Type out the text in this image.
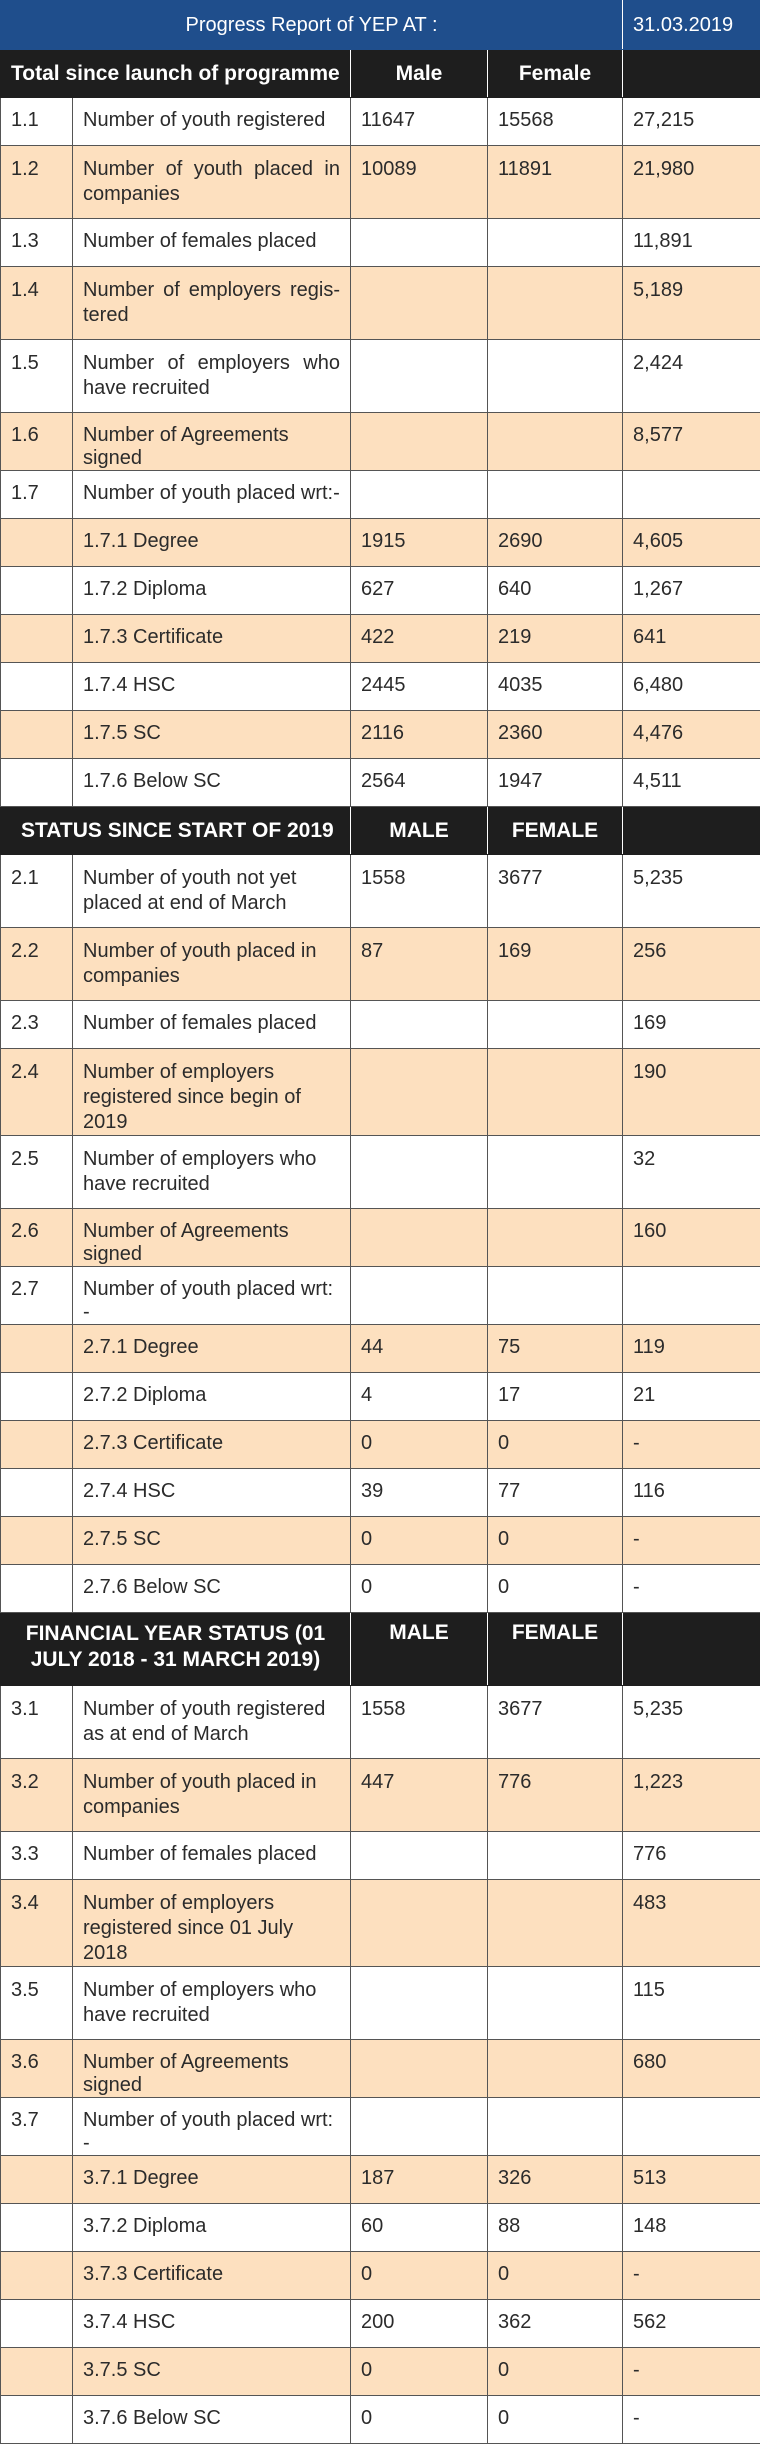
Progress Report of YEP AT :				31.03.2019
Total since launch of programme		Male	Female	
1.1	Number of youth registered	11647	15568	27,215
1.2	Number of youth placed in companies	10089	11891	21,980
1.3	Number of females placed			11,891
1.4	Number of employers regis-tered			5,189
1.5	Number of employers who have recruited			2,424
1.6	Number of Agreements signed			8,577
1.7	Number of youth placed wrt:-			
	1.7.1 Degree	1915	2690	4,605
	1.7.2 Diploma	627	640	1,267
	1.7.3 Certificate	422	219	641
	1.7.4 HSC	2445	4035	6,480
	1.7.5 SC	2116	2360	4,476
	1.7.6 Below SC	2564	1947	4,511
STATUS SINCE START OF 2019		MALE	FEMALE	
2.1	Number of youth not yet placed at end of March	1558	3677	5,235
2.2	Number of youth placed in companies	87	169	256
2.3	Number of females placed			169
2.4	Number of employers registered since begin of 2019			190
2.5	Number of employers who have recruited			32
2.6	Number of Agreements signed			160
2.7	Number of youth placed wrt: -			
	2.7.1 Degree	44	75	119
	2.7.2 Diploma	4	17	21
	2.7.3 Certificate	0	0	-
	2.7.4 HSC	39	77	116
	2.7.5 SC	0	0	-
	2.7.6 Below SC	0	0	-
FINANCIAL YEAR STATUS (01 JULY 2018 - 31 MARCH 2019)		MALE	FEMALE	
3.1	Number of youth registered as at end of March	1558	3677	5,235
3.2	Number of youth placed in companies	447	776	1,223
3.3	Number of females placed			776
3.4	Number of employers registered since 01 July 2018			483
3.5	Number of employers who have recruited			115
3.6	Number of Agreements signed			680
3.7	Number of youth placed wrt: -			
	3.7.1 Degree	187	326	513
	3.7.2 Diploma	60	88	148
	3.7.3 Certificate	0	0	-
	3.7.4 HSC	200	362	562
	3.7.5 SC	0	0	-
	3.7.6 Below SC	0	0	-
